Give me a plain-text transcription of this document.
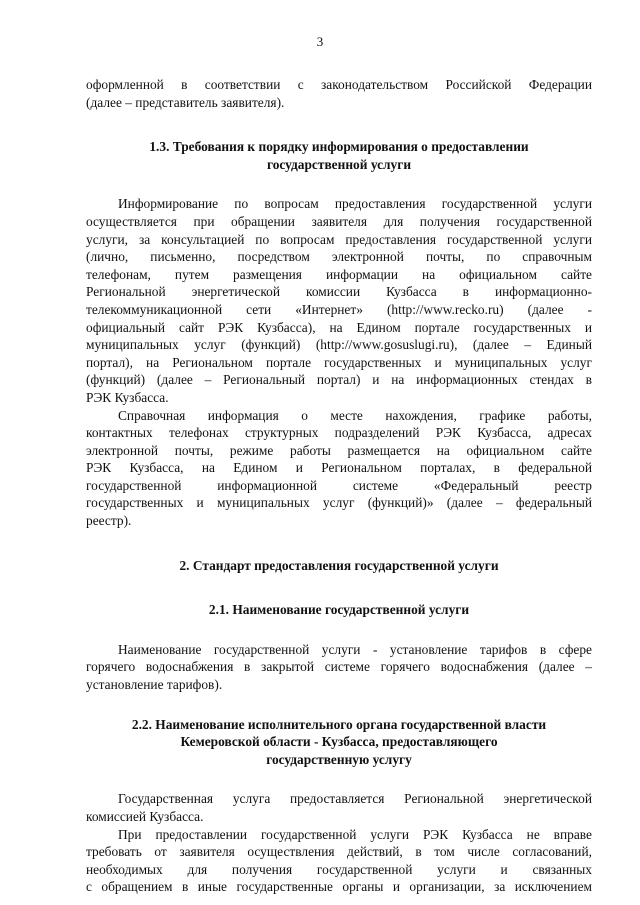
3
оформленной в соответствии с законодательством Российской Федерации
(далее – представитель заявителя).
1.3. Требования к порядку информирования о предоставлении
государственной услуги
Информирование по вопросам предоставления государственной услуги
осуществляется при обращении заявителя для получения государственной
услуги, за консультацией по вопросам предоставления государственной услуги
(лично, письменно, посредством электронной почты, по справочным
телефонам, путем размещения информации на официальном сайте
Региональной энергетической комиссии Кузбасса в информационно-
телекоммуникационной сети «Интернет» (http://www.recko.ru) (далее -
официальный сайт РЭК Кузбасса), на Едином портале государственных и
муниципальных услуг (функций) (http://www.gosuslugi.ru), (далее – Единый
портал), на Региональном портале государственных и муниципальных услуг
(функций) (далее – Региональный портал) и на информационных стендах в
РЭК Кузбасса.
Справочная информация о месте нахождения, графике работы,
контактных телефонах структурных подразделений РЭК Кузбасса, адресах
электронной почты, режиме работы размещается на официальном сайте
РЭК Кузбасса, на Едином и Региональном порталах, в федеральной
государственной информационной системе «Федеральный реестр
государственных и муниципальных услуг (функций)» (далее – федеральный
реестр).
2. Стандарт предоставления государственной услуги
2.1. Наименование государственной услуги
Наименование государственной услуги - установление тарифов в сфере
горячего водоснабжения в закрытой системе горячего водоснабжения (далее –
установление тарифов).
2.2. Наименование исполнительного органа государственной власти
Кемеровской области - Кузбасса, предоставляющего
государственную услугу
Государственная услуга предоставляется Региональной энергетической
комиссией Кузбасса.
При предоставлении государственной услуги РЭК Кузбасса не вправе
требовать от заявителя осуществления действий, в том числе согласований,
необходимых для получения государственной услуги и связанных
с обращением в иные государственные органы и организации, за исключением
